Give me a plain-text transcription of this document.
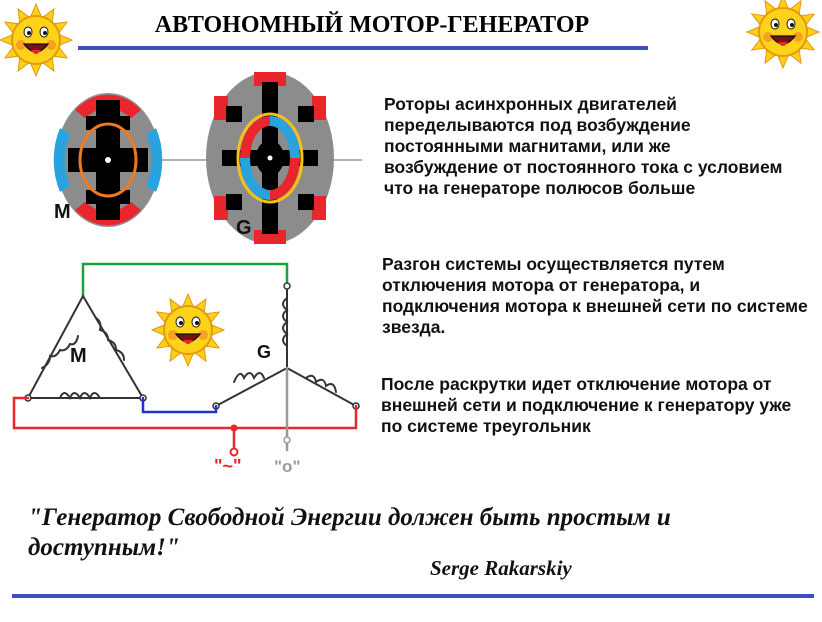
АВТОНОМНЫЙ МОТОР-ГЕНЕРАТОР
M
G
M	G
"~" "o"

Роторы асинхронных двигателей переделываются под возбуждение постоянными магнитами, или же возбуждение от постоянного тока с условием что на генераторе полюсов больше

Разгон системы осуществляется путем отключения мотора от генератора, и подключения мотора к внешней сети по системе звезда.

После раскрутки идет отключение мотора от внешней сети и подключение к генератору уже по системе треугольник

"Генератор Свободной Энергии должен быть простым и доступным!"

Serge Rakarskiy
